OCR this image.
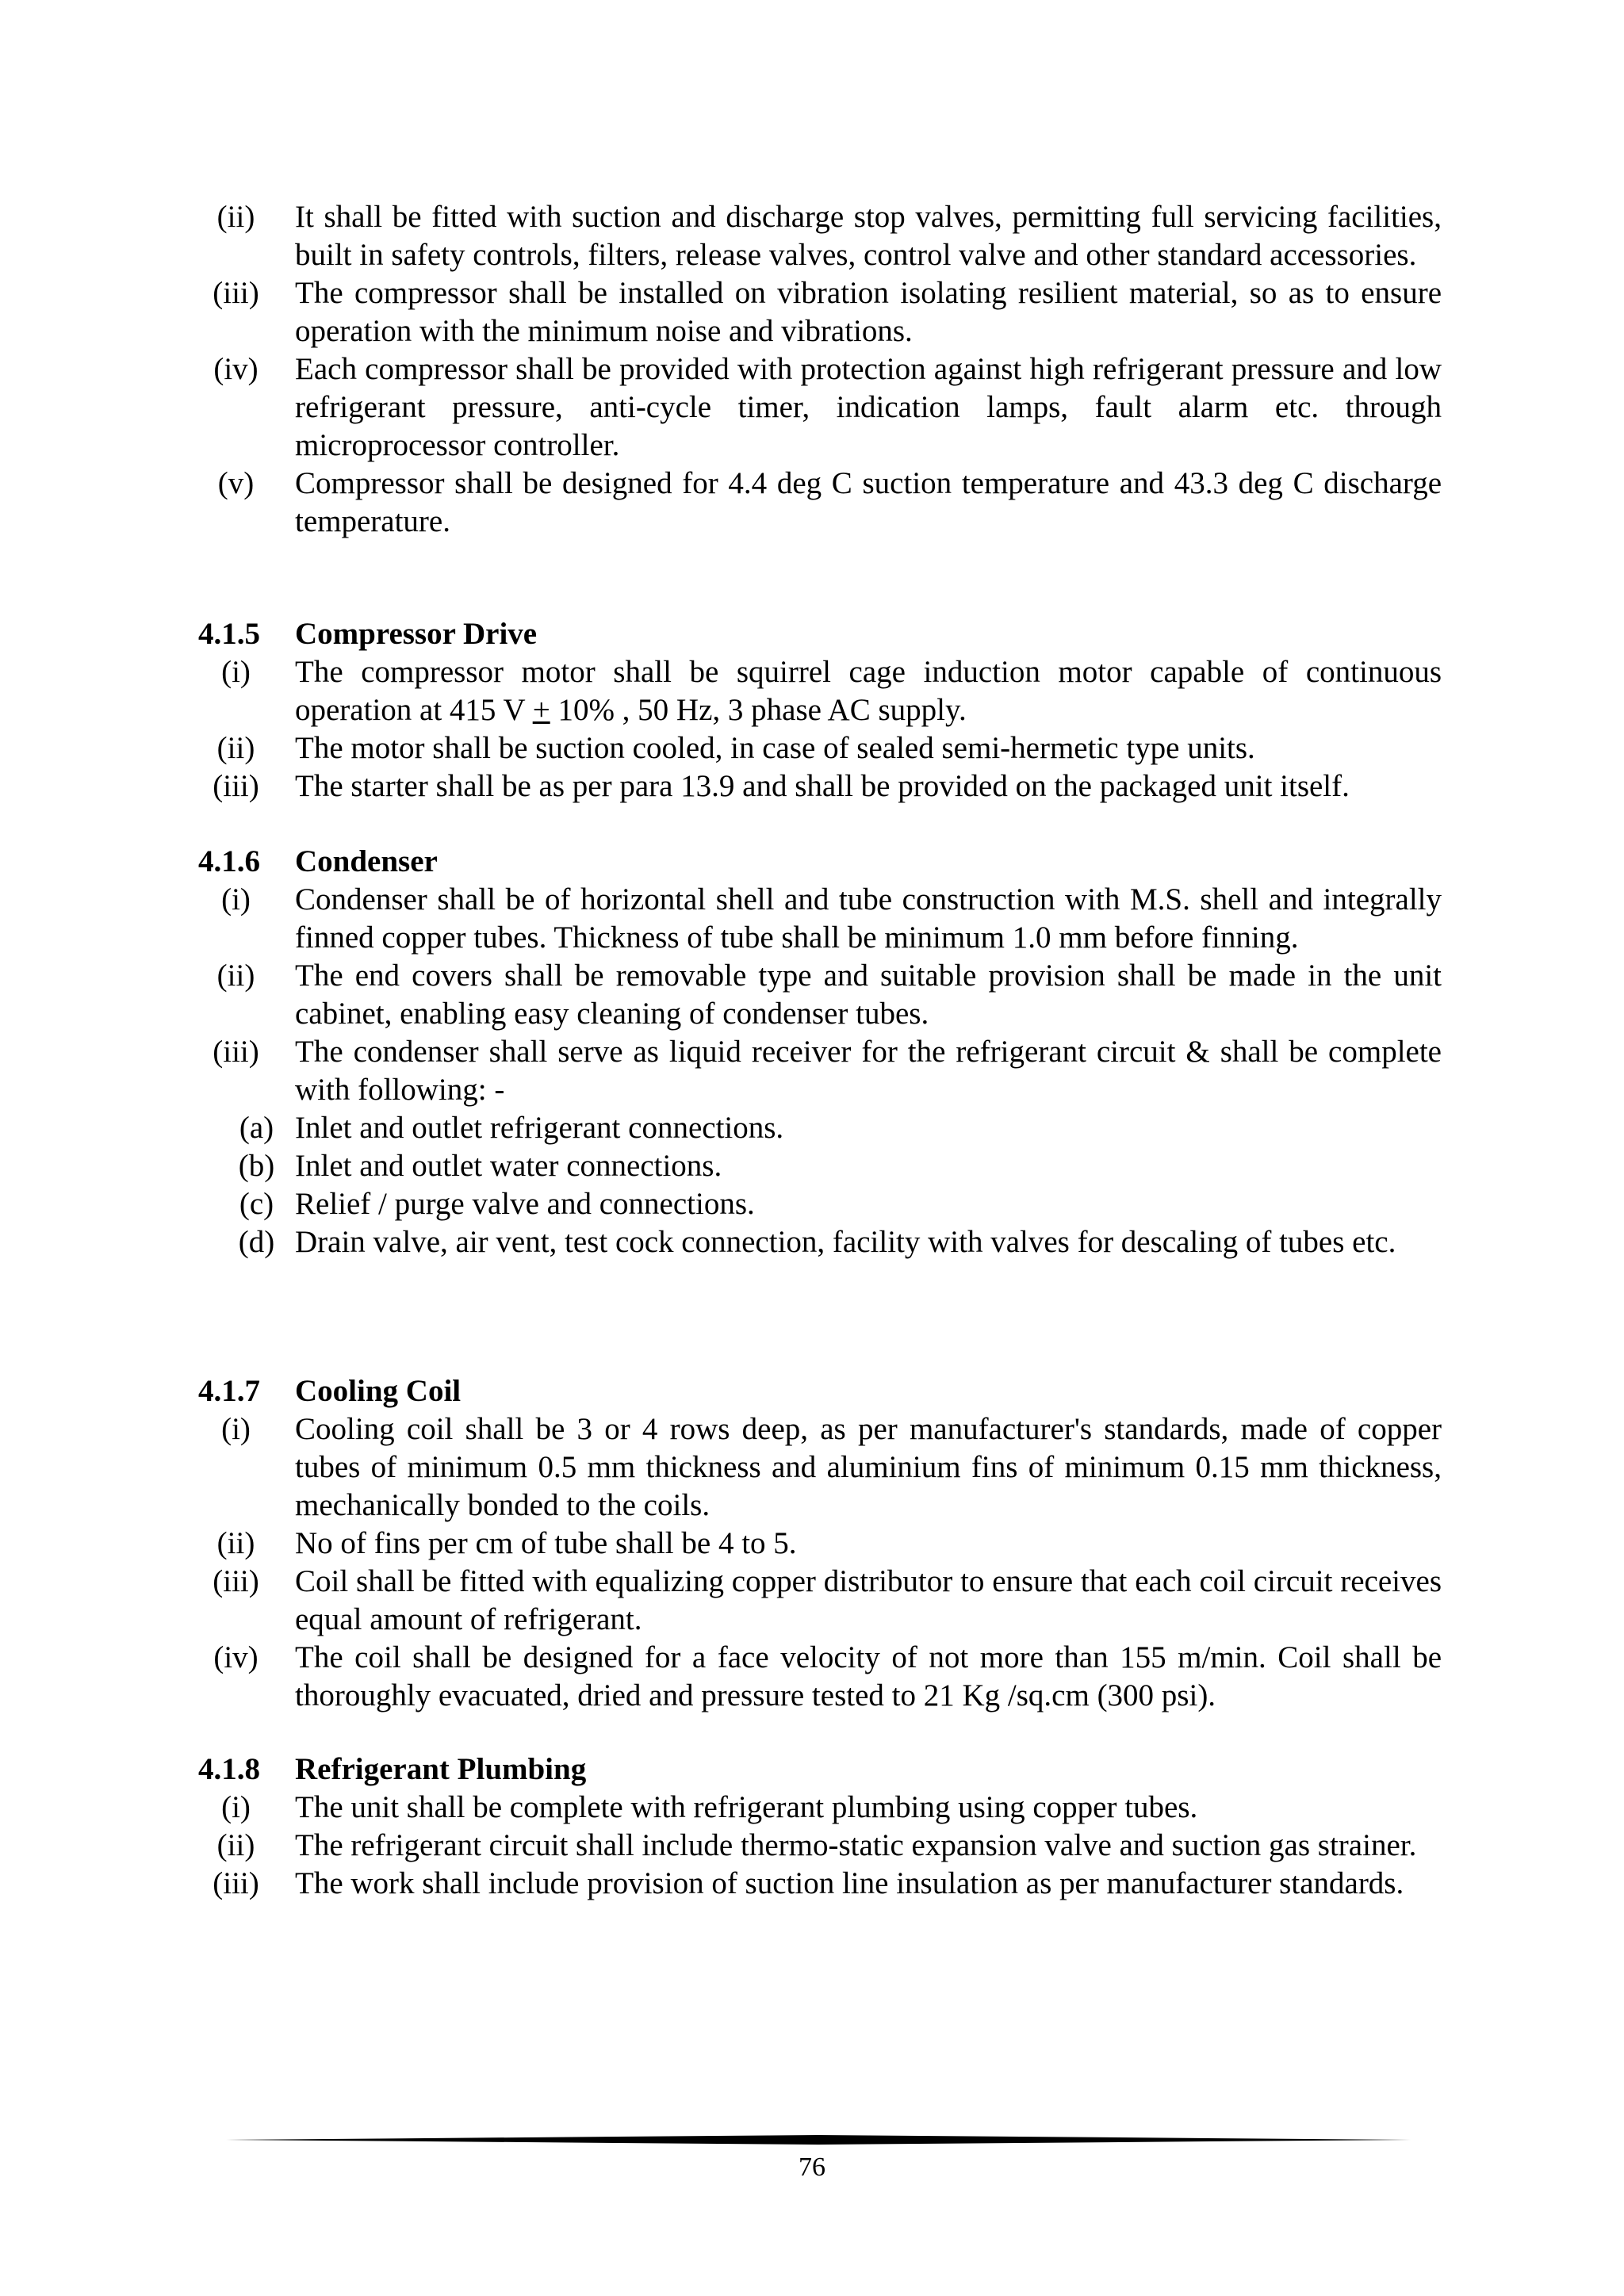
(ii)	It shall be fitted with suction and discharge stop valves, permitting full servicing facilities, built in safety controls, filters, release valves, control valve and other standard accessories.
(iii)	The compressor shall be installed on vibration isolating resilient material, so as to ensure operation with the minimum noise and vibrations.
(iv)	Each compressor shall be provided with protection against high refrigerant pressure and low refrigerant pressure, anti-cycle timer, indication lamps, fault alarm etc. through microprocessor controller.
(v)	Compressor shall be designed for 4.4 deg C suction temperature and 43.3 deg C discharge temperature.
4.1.5 Compressor Drive
(i)	The compressor motor shall be squirrel cage induction motor capable of continuous operation at 415 V + 10% , 50 Hz, 3 phase AC supply.
(ii)	The motor shall be suction cooled, in case of sealed semi-hermetic type units.
(iii)	The starter shall be as per para 13.9 and shall be provided on the packaged unit itself.
4.1.6 Condenser
(i)	Condenser shall be of horizontal shell and tube construction with M.S. shell and integrally finned copper tubes. Thickness of tube shall be minimum 1.0 mm before finning.
(ii)	The end covers shall be removable type and suitable provision shall be made in the unit cabinet, enabling easy cleaning of condenser tubes.
(iii)	The condenser shall serve as liquid receiver for the refrigerant circuit & shall be complete with following: -
(a) Inlet and outlet refrigerant connections.
(b) Inlet and outlet water connections.
(c) Relief / purge valve and connections.
(d) Drain valve, air vent, test cock connection, facility with valves for descaling of tubes etc.
4.1.7 Cooling Coil
(i)	Cooling coil shall be 3 or 4 rows deep, as per manufacturer's standards, made of copper tubes of minimum 0.5 mm thickness and aluminium fins of minimum 0.15 mm thickness, mechanically bonded to the coils.
(ii)	No of fins per cm of tube shall be 4 to 5.
(iii)	Coil shall be fitted with equalizing copper distributor to ensure that each coil circuit receives equal amount of refrigerant.
(iv)	The coil shall be designed for a face velocity of not more than 155 m/min. Coil shall be thoroughly evacuated, dried and pressure tested to 21 Kg /sq.cm (300 psi).
4.1.8 Refrigerant Plumbing
(i)	The unit shall be complete with refrigerant plumbing using copper tubes.
(ii)	The refrigerant circuit shall include thermo-static expansion valve and suction gas strainer.
(iii)	The work shall include provision of suction line insulation as per manufacturer standards.
76
